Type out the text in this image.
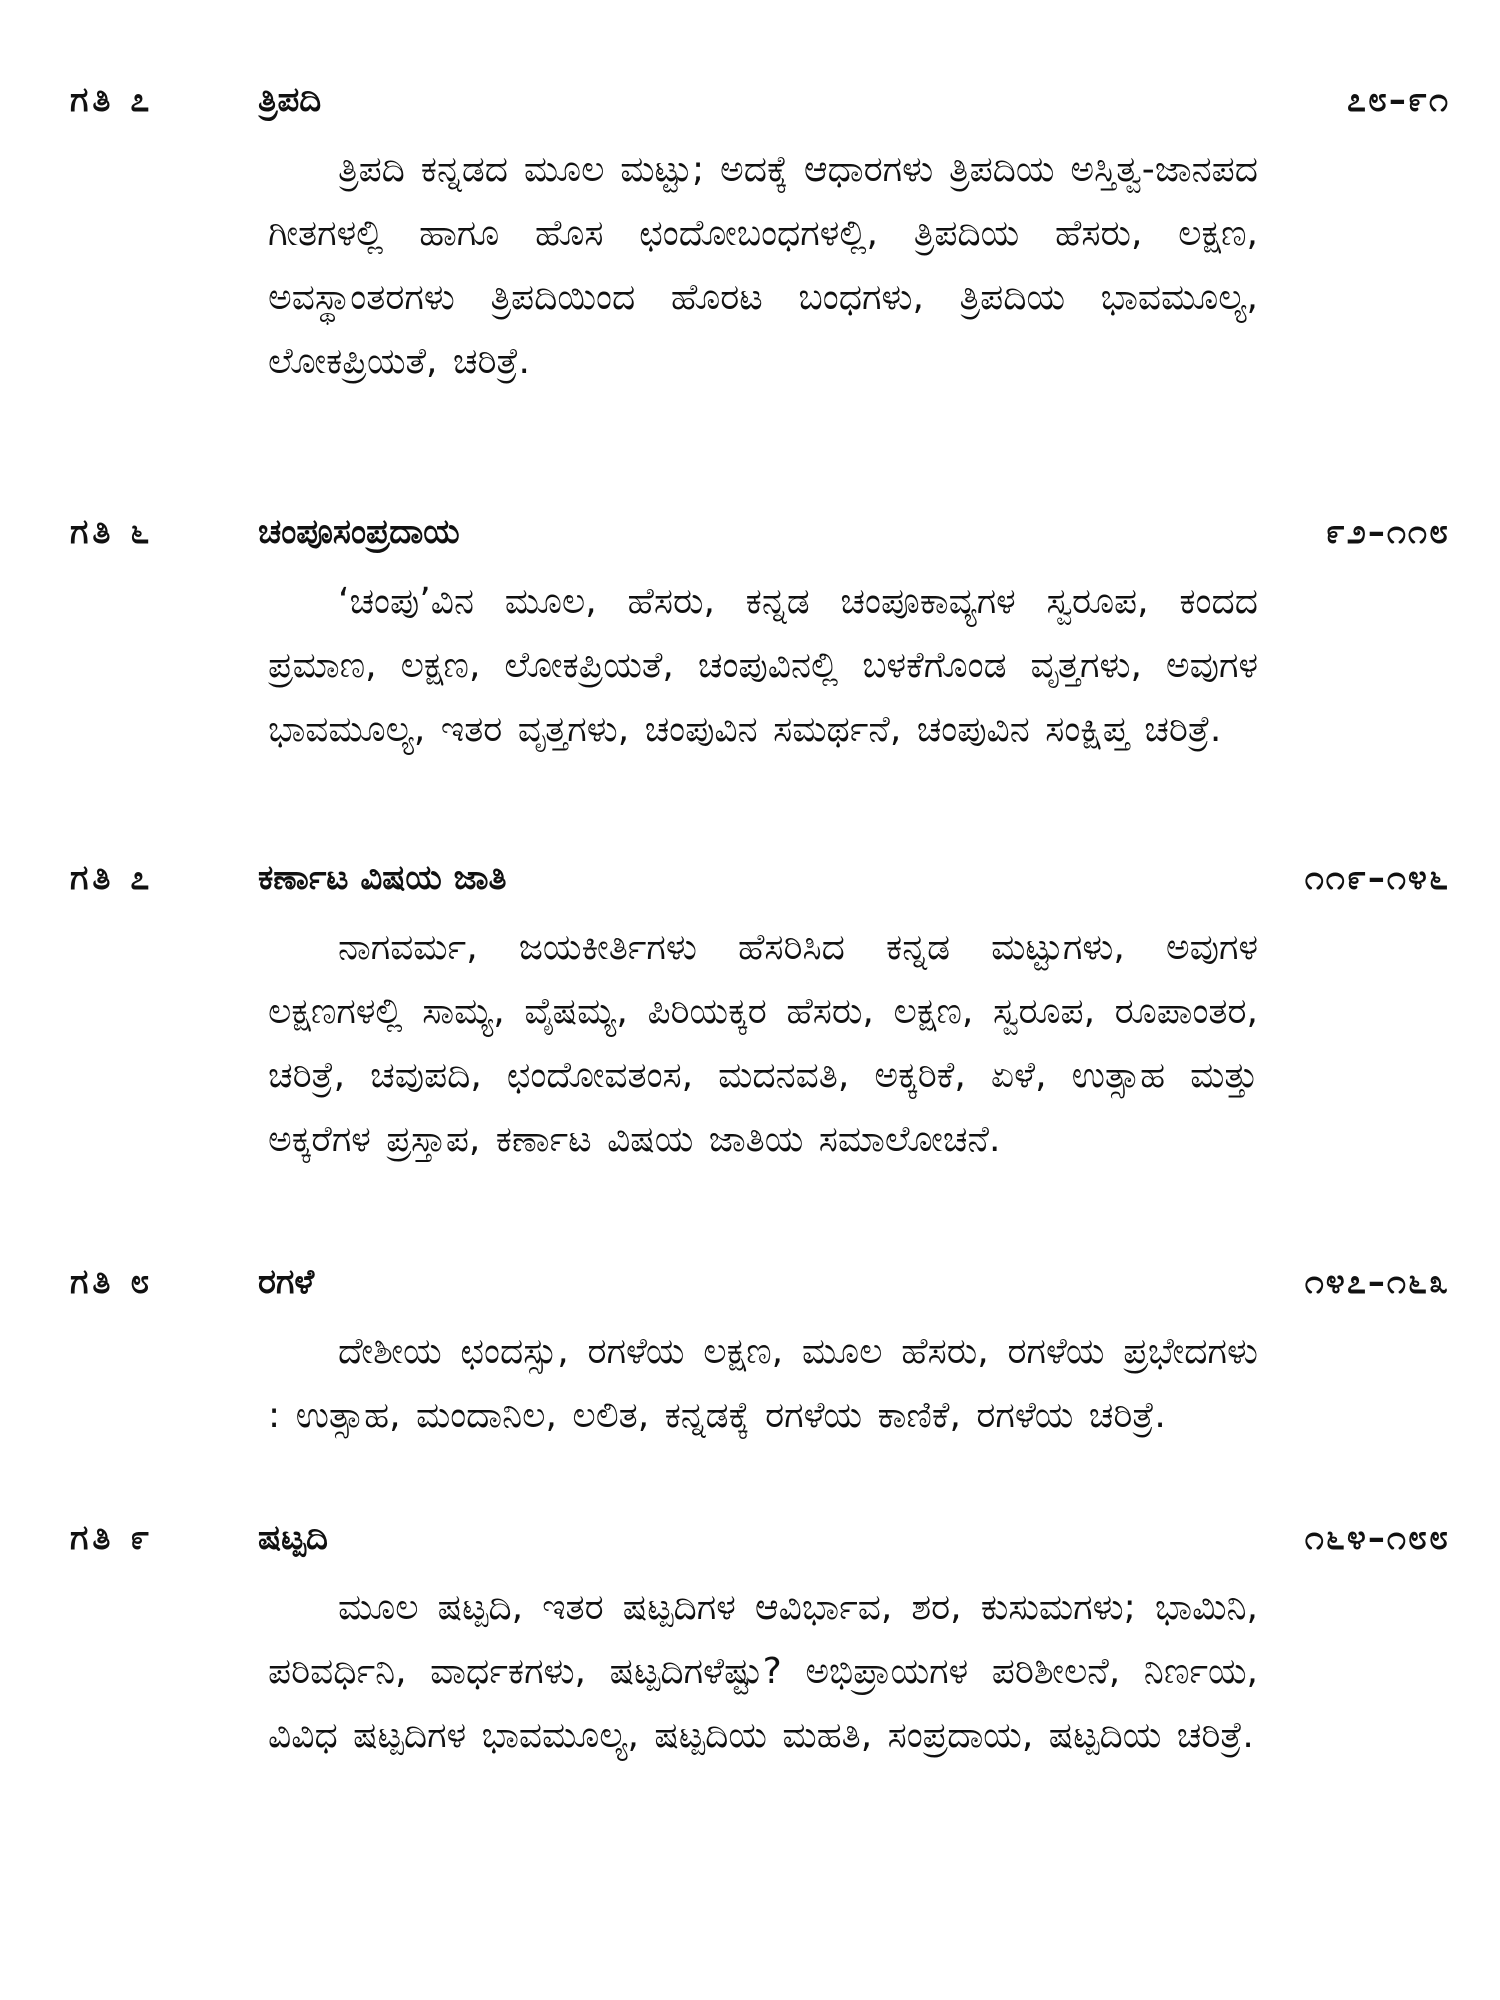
ಗತಿ ೭	ತ್ರಿಪದಿ	೭೮–೯೧
ತ್ರಿಪದಿ ಕನ್ನಡದ ಮೂಲ ಮಟ್ಟು; ಅದಕ್ಕೆ ಆಧಾರಗಳು ತ್ರಿಪದಿಯ ಅಸ್ತಿತ್ವ-ಜಾನಪದ ಗೀತಗಳಲ್ಲಿ ಹಾಗೂ ಹೊಸ ಛಂದೋಬಂಧಗಳಲ್ಲಿ, ತ್ರಿಪದಿಯ ಹೆಸರು, ಲಕ್ಷಣ, ಅವಸ್ಥಾಂತರಗಳು ತ್ರಿಪದಿಯಿಂದ ಹೊರಟ ಬಂಧಗಳು, ತ್ರಿಪದಿಯ ಭಾವಮೂಲ್ಯ, ಲೋಕಪ್ರಿಯತೆ, ಚರಿತ್ರೆ.
ಗತಿ ೬	ಚಂಪೂಸಂಪ್ರದಾಯ	೯೨–೧೧೮
‘ಚಂಪು’ವಿನ ಮೂಲ, ಹೆಸರು, ಕನ್ನಡ ಚಂಪೂಕಾವ್ಯಗಳ ಸ್ವರೂಪ, ಕಂದದ ಪ್ರಮಾಣ, ಲಕ್ಷಣ, ಲೋಕಪ್ರಿಯತೆ, ಚಂಪುವಿನಲ್ಲಿ ಬಳಕೆಗೊಂಡ ವೃತ್ತಗಳು, ಅವುಗಳ ಭಾವಮೂಲ್ಯ, ಇತರ ವೃತ್ತಗಳು, ಚಂಪುವಿನ ಸಮರ್ಥನೆ, ಚಂಪುವಿನ ಸಂಕ್ಷಿಪ್ತ ಚರಿತ್ರೆ.
ಗತಿ ೭	ಕರ್ಣಾಟ ವಿಷಯ ಜಾತಿ	೧೧೯–೧೪೬
ನಾಗವರ್ಮ, ಜಯಕೀರ್ತಿಗಳು ಹೆಸರಿಸಿದ ಕನ್ನಡ ಮಟ್ಟುಗಳು, ಅವುಗಳ ಲಕ್ಷಣಗಳಲ್ಲಿ ಸಾಮ್ಯ, ವೈಷಮ್ಯ, ಪಿರಿಯಕ್ಕರ ಹೆಸರು, ಲಕ್ಷಣ, ಸ್ವರೂಪ, ರೂಪಾಂತರ, ಚರಿತ್ರೆ, ಚವುಪದಿ, ಛಂದೋವತಂಸ, ಮದನವತಿ, ಅಕ್ಕರಿಕೆ, ಏಳೆ, ಉತ್ಸಾಹ ಮತ್ತು ಅಕ್ಕರೆಗಳ ಪ್ರಸ್ತಾಪ, ಕರ್ಣಾಟ ವಿಷಯ ಜಾತಿಯ ಸಮಾಲೋಚನೆ.
ಗತಿ ೮	ರಗಳೆ	೧೪೭–೧೬೩
ದೇಶೀಯ ಛಂದಸ್ಸು, ರಗಳೆಯ ಲಕ್ಷಣ, ಮೂಲ ಹೆಸರು, ರಗಳೆಯ ಪ್ರಭೇದಗಳು : ಉತ್ಸಾಹ, ಮಂದಾನಿಲ, ಲಲಿತ, ಕನ್ನಡಕ್ಕೆ ರಗಳೆಯ ಕಾಣಿಕೆ, ರಗಳೆಯ ಚರಿತ್ರೆ.
ಗತಿ ೯	ಷಟ್ಪದಿ	೧೬೪–೧೮೮
ಮೂಲ ಷಟ್ಪದಿ, ಇತರ ಷಟ್ಪದಿಗಳ ಆವಿರ್ಭಾವ, ಶರ, ಕುಸುಮಗಳು; ಭಾಮಿನಿ, ಪರಿವರ್ಧಿನಿ, ವಾರ್ಧಕಗಳು, ಷಟ್ಪದಿಗಳೆಷ್ಟು? ಅಭಿಪ್ರಾಯಗಳ ಪರಿಶೀಲನೆ, ನಿರ್ಣಯ, ವಿವಿಧ ಷಟ್ಪದಿಗಳ ಭಾವಮೂಲ್ಯ, ಷಟ್ಪದಿಯ ಮಹತಿ, ಸಂಪ್ರದಾಯ, ಷಟ್ಪದಿಯ ಚರಿತ್ರೆ.
